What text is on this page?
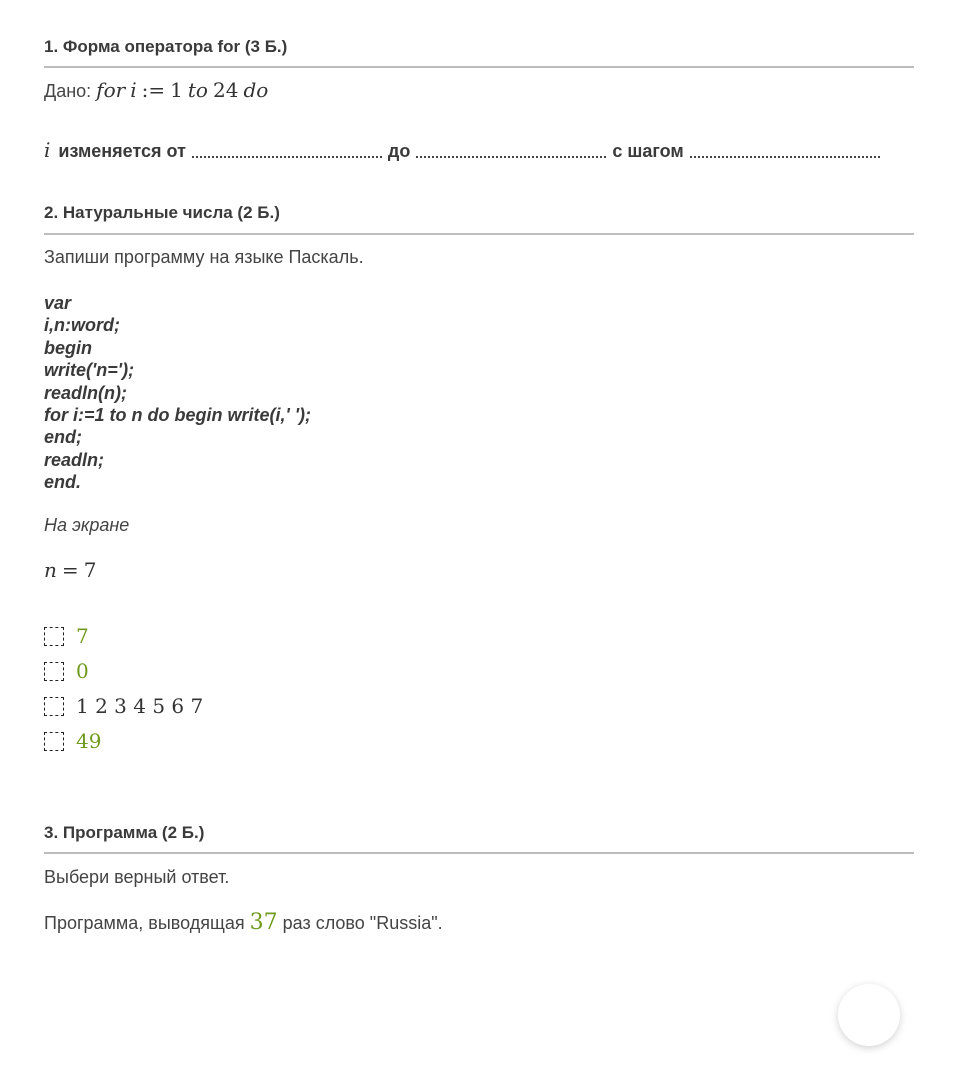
1. Форма оператора for (3 Б.)
Дано: for i := 1 to 24 do
i изменяется от	до	с шагом
2. Натуральные числа (2 Б.)
Запиши программу на языке Паскаль.
var
i,n:word;
begin
write('n=');
readln(n);
for i:=1 to n do begin write(i,' ');
end;
readln;
end.
На экране
n = 7
7
0
1 2 3 4 5 6 7
49
3. Программа (2 Б.)
Выбери верный ответ.
Программа, выводящая 37 раз слово "Russia".
